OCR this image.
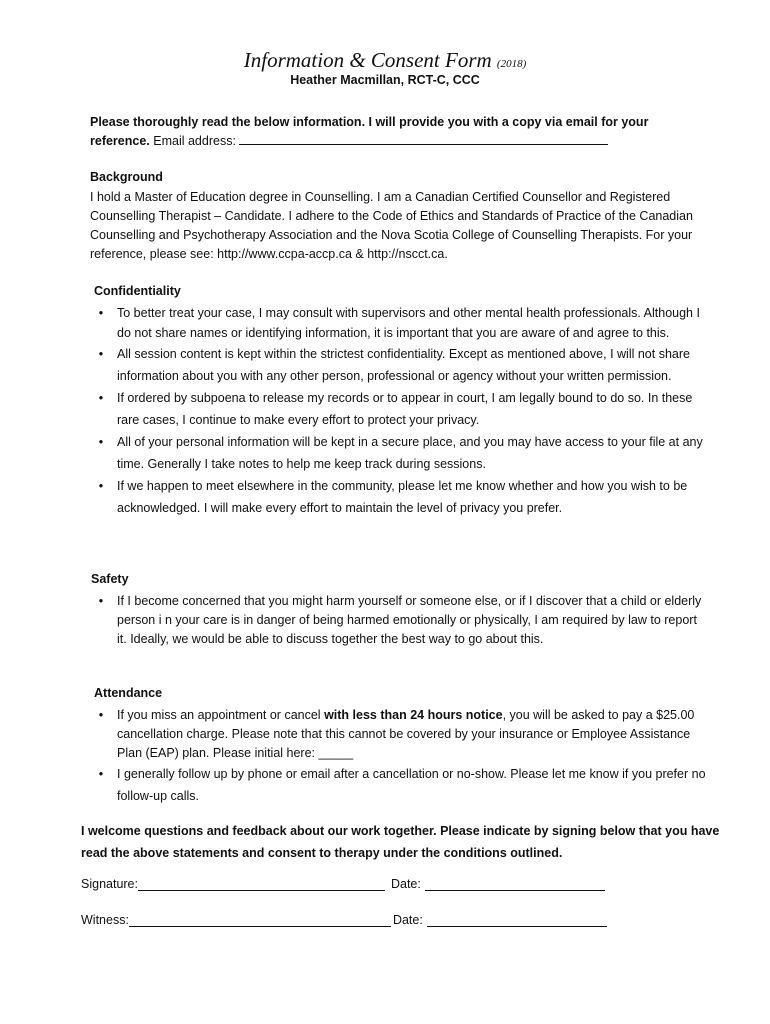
Information & Consent Form (2018)
Heather Macmillan, RCT-C, CCC
Please thoroughly read the below information. I will provide you with a copy via email for your reference. Email address:
Background
I hold a Master of Education degree in Counselling. I am a Canadian Certified Counsellor and Registered Counselling Therapist – Candidate. I adhere to the Code of Ethics and Standards of Practice of the Canadian Counselling and Psychotherapy Association and the Nova Scotia College of Counselling Therapists. For your reference, please see: http://www.ccpa-accp.ca & http://nscct.ca.
Confidentiality
•	To better treat your case, I may consult with supervisors and other mental health professionals. Although I do not share names or identifying information, it is important that you are aware of and agree to this.
•	All session content is kept within the strictest confidentiality. Except as mentioned above, I will not share information about you with any other person, professional or agency without your written permission.
•	If ordered by subpoena to release my records or to appear in court, I am legally bound to do so. In these rare cases, I continue to make every effort to protect your privacy.
•	All of your personal information will be kept in a secure place, and you may have access to your file at any time. Generally I take notes to help me keep track during sessions.
•	If we happen to meet elsewhere in the community, please let me know whether and how you wish to be acknowledged. I will make every effort to maintain the level of privacy you prefer.
Safety
•	If I become concerned that you might harm yourself or someone else, or if I discover that a child or elderly person i n your care is in danger of being harmed emotionally or physically, I am required by law to report it. Ideally, we would be able to discuss together the best way to go about this.
Attendance
•	If you miss an appointment or cancel with less than 24 hours notice, you will be asked to pay a $25.00 cancellation charge. Please note that this cannot be covered by your insurance or Employee Assistance Plan (EAP) plan. Please initial here: _____
•	I generally follow up by phone or email after a cancellation or no-show. Please let me know if you prefer no follow-up calls.
I welcome questions and feedback about our work together. Please indicate by signing below that you have read the above statements and consent to therapy under the conditions outlined.
Signature:	Date:
Witness:	Date:
